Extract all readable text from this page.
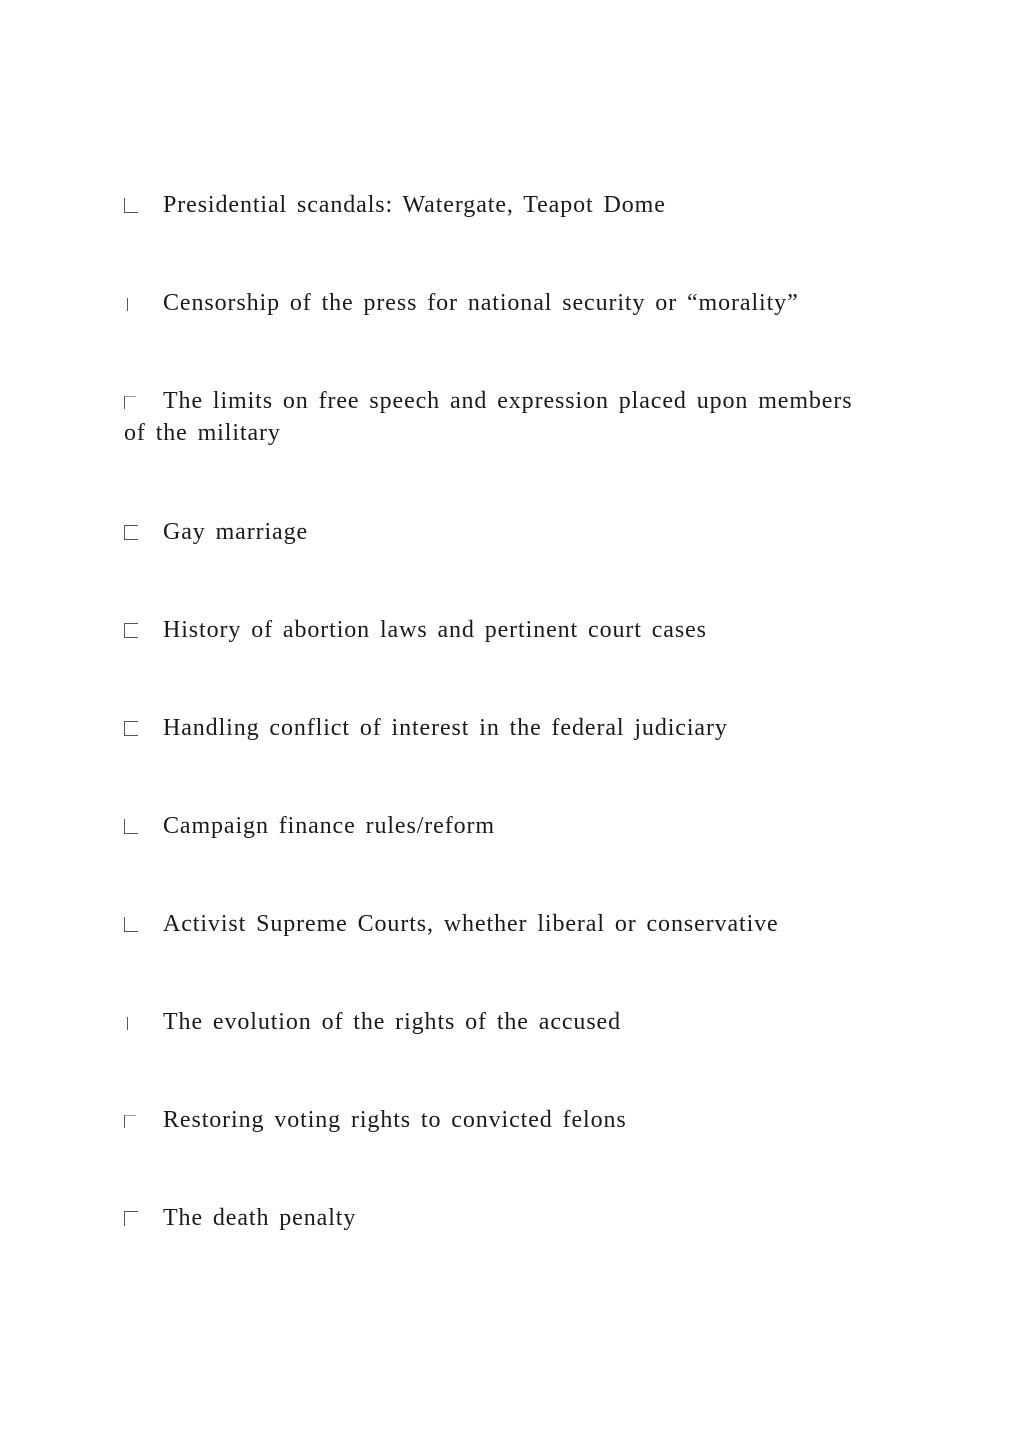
Presidential scandals: Watergate, Teapot Dome
Censorship of the press for national security or “morality”
The limits on free speech and expression placed upon members of the military
Gay marriage
History of abortion laws and pertinent court cases
Handling conflict of interest in the federal judiciary
Campaign finance rules/reform
Activist Supreme Courts, whether liberal or conservative
The evolution of the rights of the accused
Restoring voting rights to convicted felons
The death penalty
